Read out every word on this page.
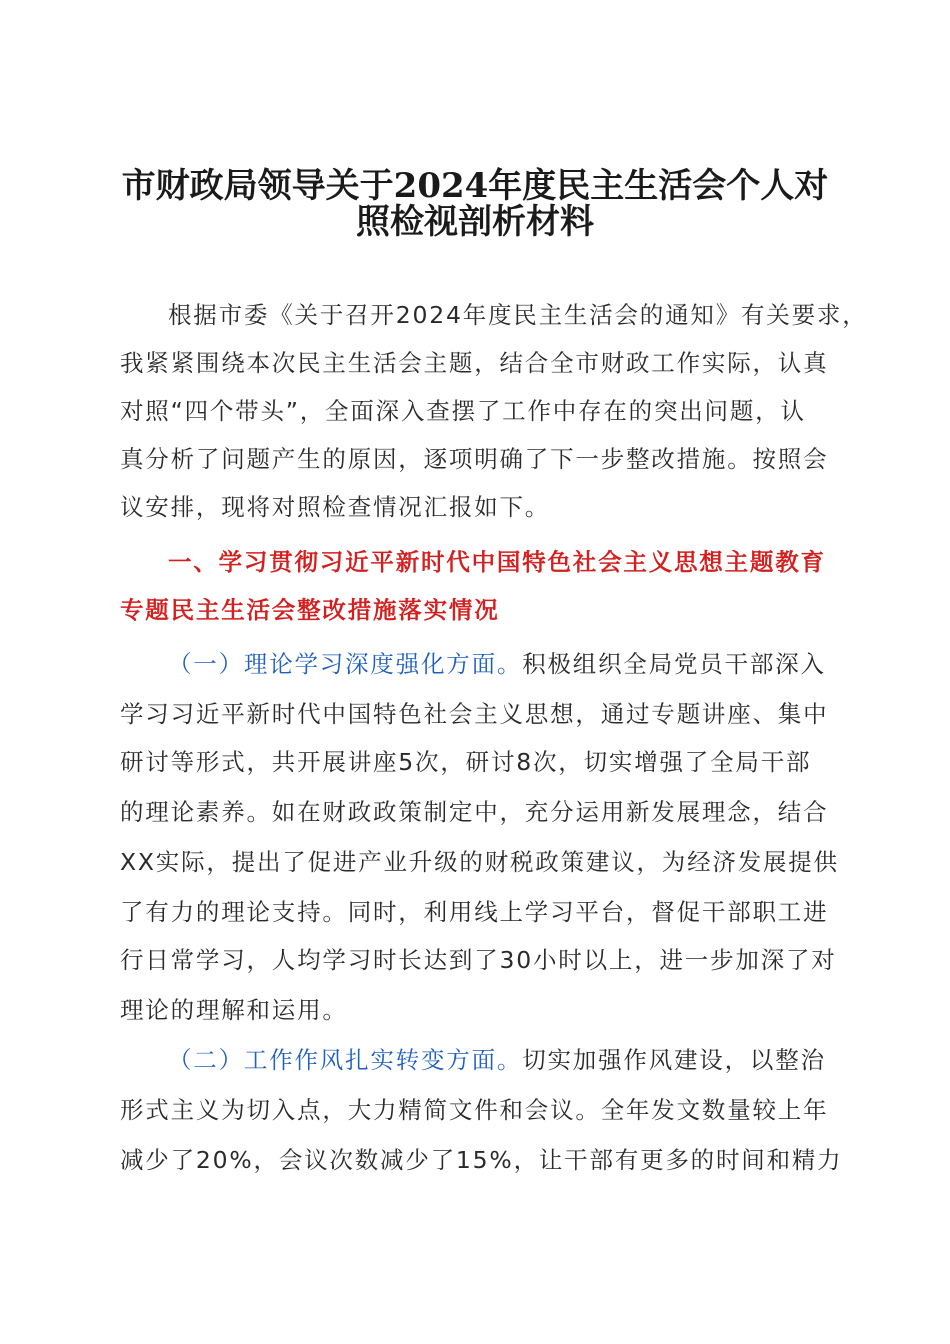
市财政局领导关于2024年度民主生活会个人对
照检视剖析材料
根据市委《关于召开2024年度民主生活会的通知》有关要求，
我紧紧围绕本次民主生活会主题，结合全市财政工作实际，认真
对照“四个带头”，全面深入查摆了工作中存在的突出问题，认
真分析了问题产生的原因，逐项明确了下一步整改措施。按照会
议安排，现将对照检查情况汇报如下。
一、学习贯彻习近平新时代中国特色社会主义思想主题教育
专题民主生活会整改措施落实情况
（一）理论学习深度强化方面。积极组织全局党员干部深入
学习习近平新时代中国特色社会主义思想，通过专题讲座、集中
研讨等形式，共开展讲座5次，研讨8次，切实增强了全局干部
的理论素养。如在财政政策制定中，充分运用新发展理念，结合
XX实际，提出了促进产业升级的财税政策建议，为经济发展提供
了有力的理论支持。同时，利用线上学习平台，督促干部职工进
行日常学习，人均学习时长达到了30小时以上，进一步加深了对
理论的理解和运用。
（二）工作作风扎实转变方面。切实加强作风建设，以整治
形式主义为切入点，大力精简文件和会议。全年发文数量较上年
减少了20%，会议次数减少了15%，让干部有更多的时间和精力
